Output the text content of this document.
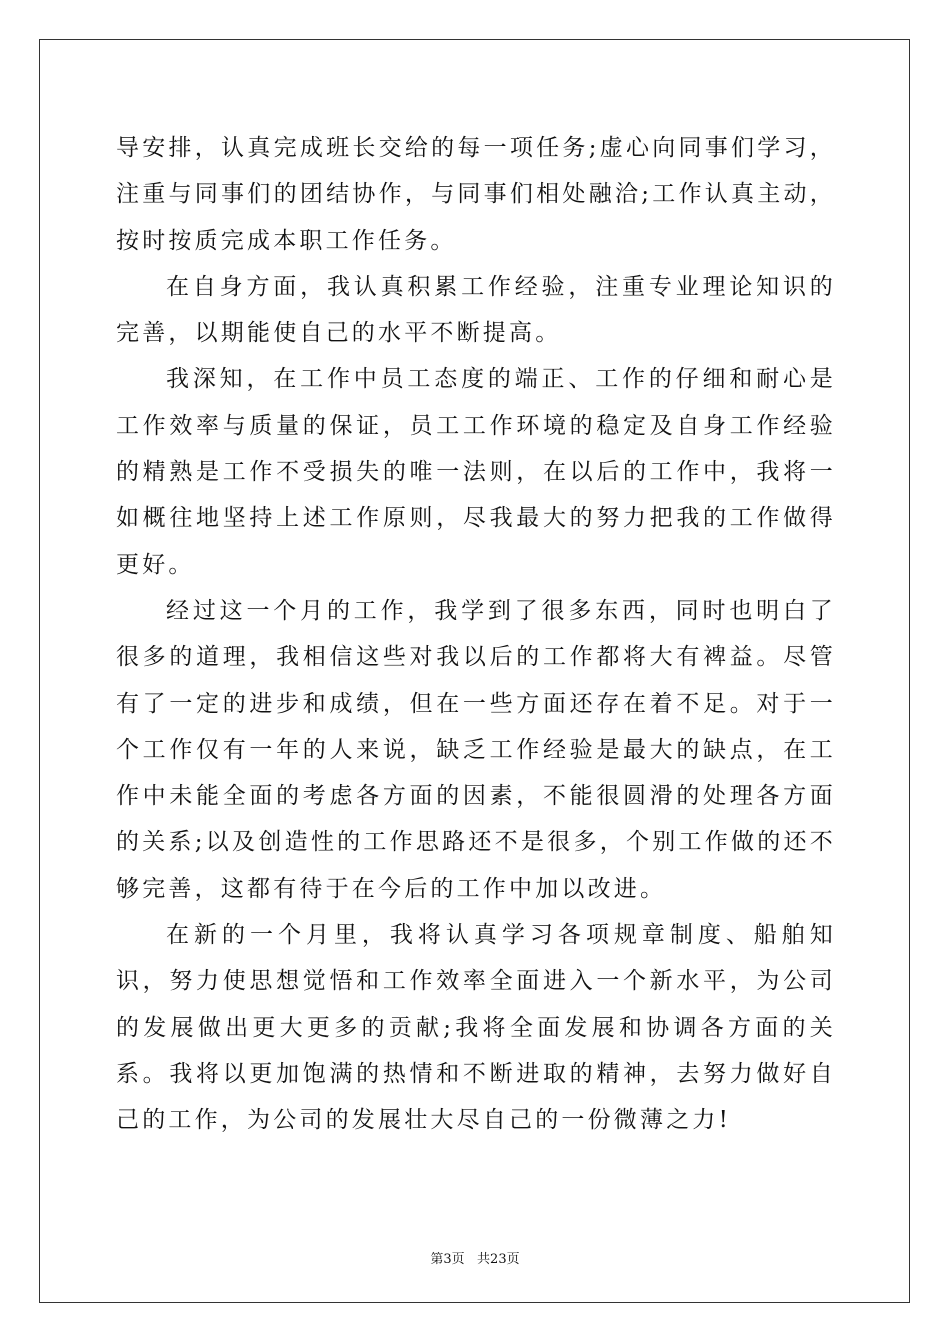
导安排，认真完成班长交给的每一项任务;虚心向同事们学习，注重与同事们的团结协作，与同事们相处融洽;工作认真主动，按时按质完成本职工作任务。

在自身方面，我认真积累工作经验，注重专业理论知识的完善，以期能使自己的水平不断提高。

我深知，在工作中员工态度的端正、工作的仔细和耐心是工作效率与质量的保证，员工工作环境的稳定及自身工作经验的精熟是工作不受损失的唯一法则，在以后的工作中，我将一如概往地坚持上述工作原则，尽我最大的努力把我的工作做得更好。

经过这一个月的工作，我学到了很多东西，同时也明白了很多的道理，我相信这些对我以后的工作都将大有裨益。尽管有了一定的进步和成绩，但在一些方面还存在着不足。对于一个工作仅有一年的人来说，缺乏工作经验是最大的缺点，在工作中未能全面的考虑各方面的因素，不能很圆滑的处理各方面的关系;以及创造性的工作思路还不是很多，个别工作做的还不够完善，这都有待于在今后的工作中加以改进。

在新的一个月里，我将认真学习各项规章制度、船舶知识，努力使思想觉悟和工作效率全面进入一个新水平，为公司的发展做出更大更多的贡献;我将全面发展和协调各方面的关系。我将以更加饱满的热情和不断进取的精神，去努力做好自己的工作，为公司的发展壮大尽自己的一份微薄之力!

第3页   共23页
